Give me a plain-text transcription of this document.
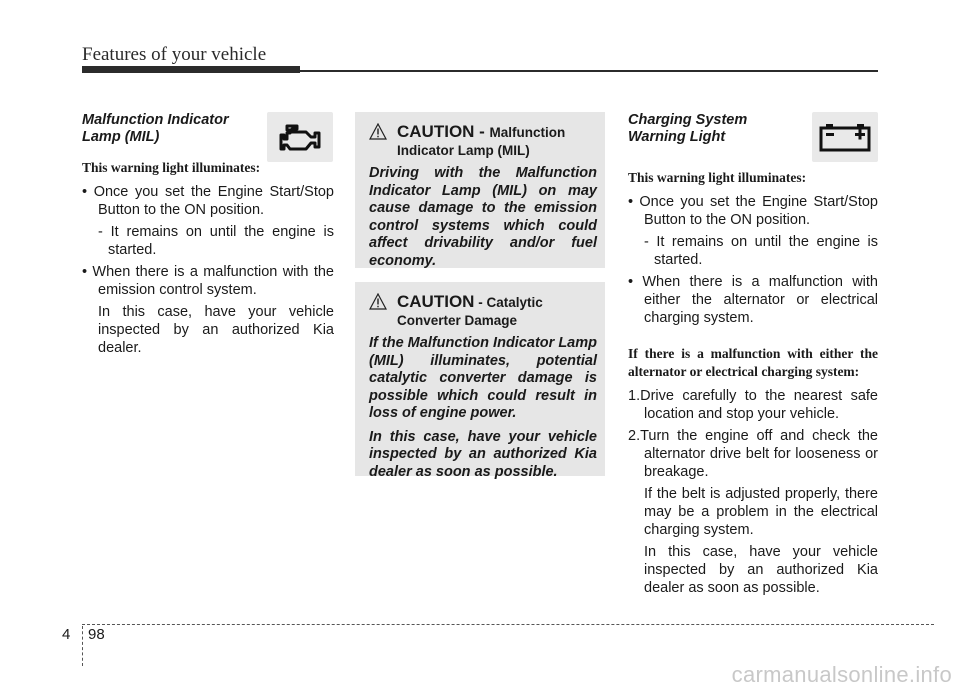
Features of your vehicle
Malfunction Indicator
Lamp (MIL)
This warning light illuminates:
• Once you set the Engine Start/Stop Button to the ON position.
- It remains on until the engine is started.
• When there is a malfunction with the emission control system.
In this case, have your vehicle inspected by an authorized Kia dealer.
CAUTION - Malfunction
Indicator Lamp (MIL)
Driving with the Malfunction Indicator Lamp (MIL) on may cause damage to the emission control systems which could affect drivability and/or fuel economy.
CAUTION - Catalytic
Converter Damage
If the Malfunction Indicator Lamp (MIL) illuminates, potential catalytic converter damage is possible which could result in loss of engine power.
In this case, have your vehicle inspected by an authorized Kia dealer as soon as possible.
Charging System
Warning Light
This warning light illuminates:
• Once you set the Engine Start/Stop Button to the ON position.
- It remains on until the engine is started.
• When there is a malfunction with either the alternator or electrical charging system.
If there is a malfunction with either the alternator or electrical charging system:
1.Drive carefully to the nearest safe location and stop your vehicle.
2.Turn the engine off and check the alternator drive belt for looseness or breakage.
If the belt is adjusted properly, there may be a problem in the electrical charging system.
In this case, have your vehicle inspected by an authorized Kia dealer as soon as possible.
4 98
carmanualsonline.info
